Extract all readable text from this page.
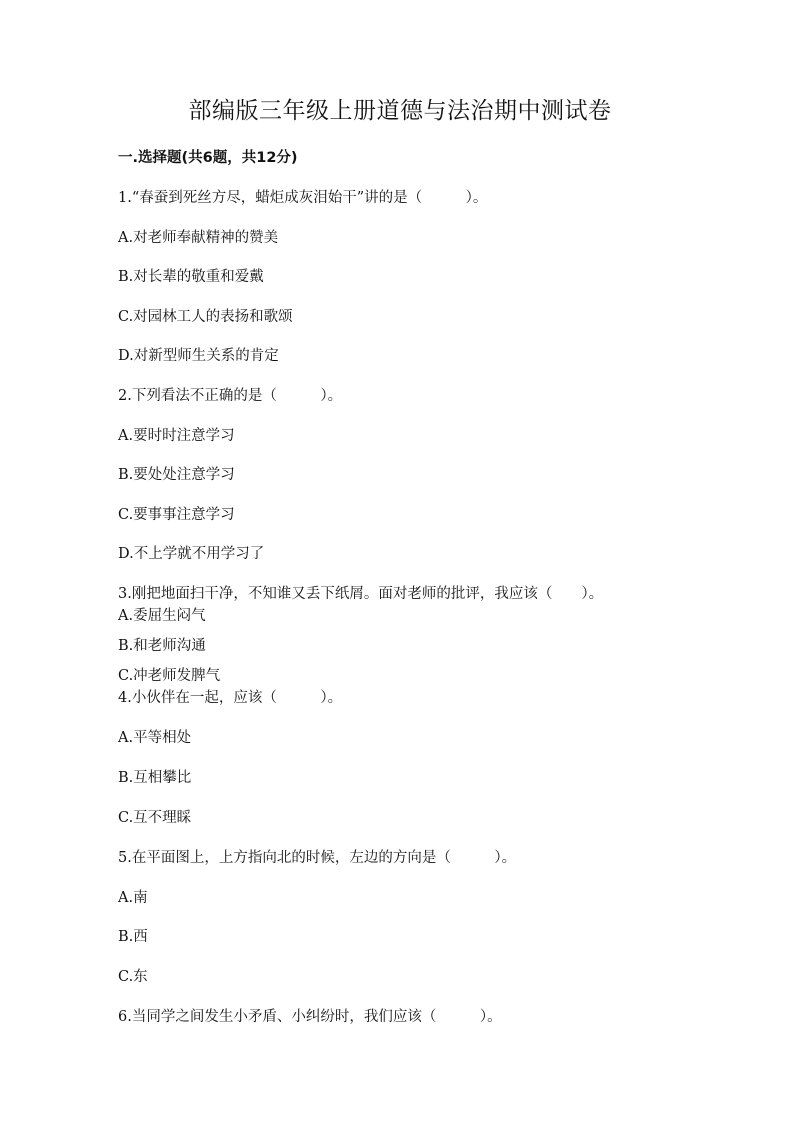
部编版三年级上册道德与法治期中测试卷
一.选择题(共6题，共12分)
1.“春蚕到死丝方尽，蜡炬成灰泪始干”讲的是（　　　）。
A.对老师奉献精神的赞美
B.对长辈的敬重和爱戴
C.对园林工人的表扬和歌颂
D.对新型师生关系的肯定
2.下列看法不正确的是（　　　）。
A.要时时注意学习
B.要处处注意学习
C.要事事注意学习
D.不上学就不用学习了
3.刚把地面扫干净，不知谁又丢下纸屑。面对老师的批评，我应该（　　）。
A.委屈生闷气
B.和老师沟通
C.冲老师发脾气
4.小伙伴在一起，应该（　　　）。
A.平等相处
B.互相攀比
C.互不理睬
5.在平面图上，上方指向北的时候，左边的方向是（　　　）。
A.南
B.西
C.东
6.当同学之间发生小矛盾、小纠纷时，我们应该（　　　）。
